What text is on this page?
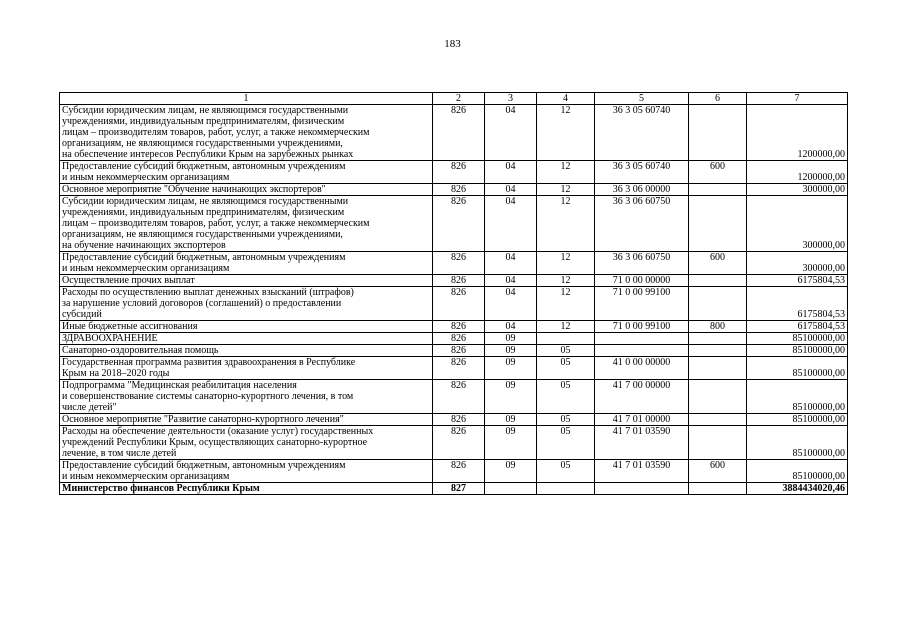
183
1	2	3	4	5	6	7
Субсидии юридическим лицам, не являющимся государственными
учреждениями, индивидуальным предпринимателям, физическим
лицам – производителям товаров, работ, услуг, а также некоммерческим
организациям, не являющимся государственными учреждениями,
на обеспечение интересов Республики Крым на зарубежных рынках	826	04	12	36 3 05 60740		1200000,00
Предоставление субсидий бюджетным, автономным учреждениям
и иным некоммерческим организациям	826	04	12	36 3 05 60740	600	1200000,00
Основное мероприятие "Обучение начинающих экспортеров"	826	04	12	36 3 06 00000		300000,00
Субсидии юридическим лицам, не являющимся государственными
учреждениями, индивидуальным предпринимателям, физическим
лицам – производителям товаров, работ, услуг, а также некоммерческим
организациям, не являющимся государственными учреждениями,
на обучение начинающих экспортеров	826	04	12	36 3 06 60750		300000,00
Предоставление субсидий бюджетным, автономным учреждениям
и иным некоммерческим организациям	826	04	12	36 3 06 60750	600	300000,00
Осуществление прочих выплат	826	04	12	71 0 00 00000		6175804,53
Расходы по осуществлению выплат денежных взысканий (штрафов)
за нарушение условий договоров (соглашений) о предоставлении
субсидий	826	04	12	71 0 00 99100		6175804,53
Иные бюджетные ассигнования	826	04	12	71 0 00 99100	800	6175804,53
ЗДРАВООХРАНЕНИЕ	826	09				85100000,00
Санаторно-оздоровительная помощь	826	09	05			85100000,00
Государственная программа развития здравоохранения в Республике
Крым на 2018–2020 годы	826	09	05	41 0 00 00000		85100000,00
Подпрограмма "Медицинская реабилитация населения
и совершенствование системы санаторно-курортного лечения, в том
числе детей"	826	09	05	41 7 00 00000		85100000,00
Основное мероприятие "Развитие санаторно-курортного лечения"	826	09	05	41 7 01 00000		85100000,00
Расходы на обеспечение деятельности (оказание услуг) государственных
учреждений Республики Крым, осуществляющих санаторно-курортное
лечение, в том числе детей	826	09	05	41 7 01 03590		85100000,00
Предоставление субсидий бюджетным, автономным учреждениям
и иным некоммерческим организациям	826	09	05	41 7 01 03590	600	85100000,00
Министерство финансов Республики Крым	827					3884434020,46
